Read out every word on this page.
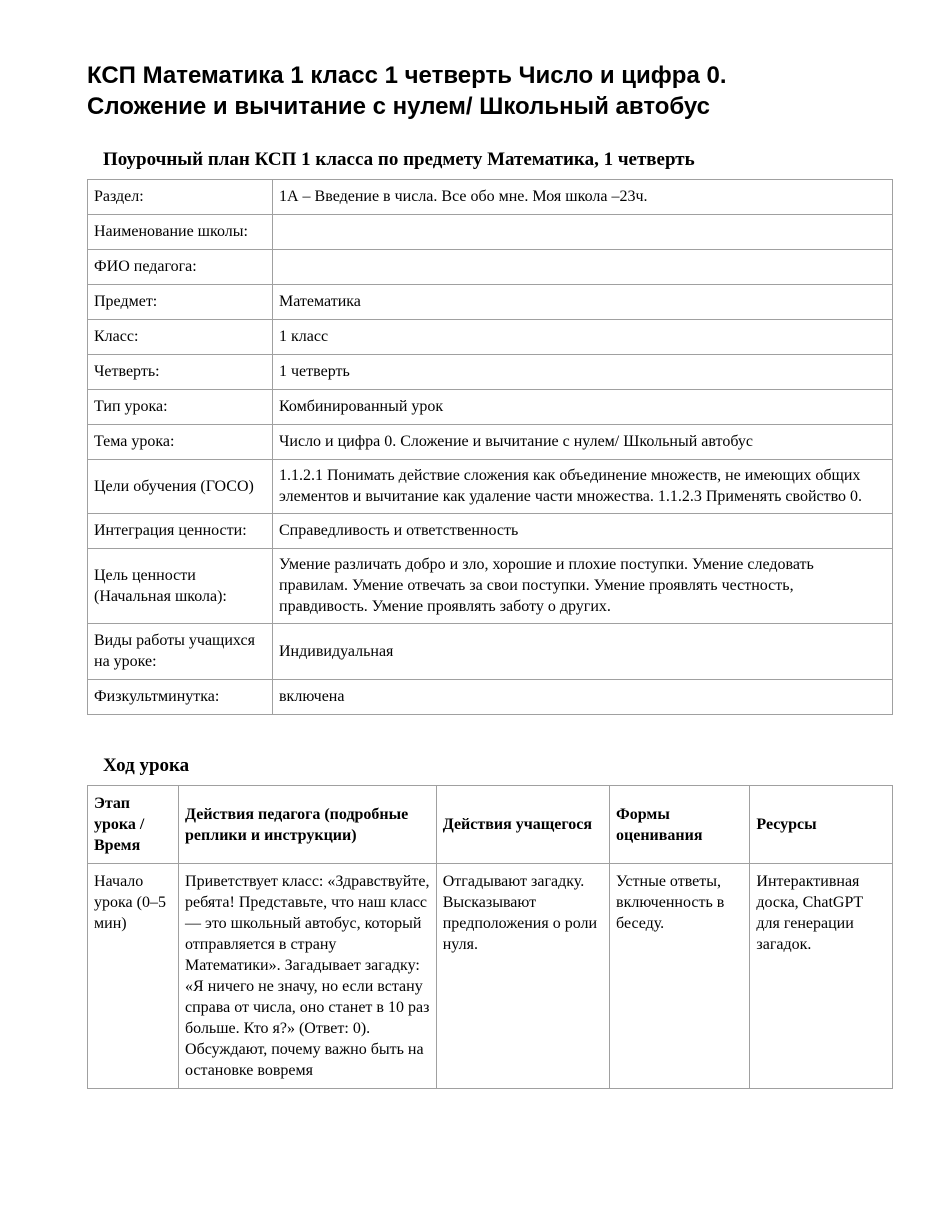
КСП Математика 1 класс 1 четверть Число и цифра 0.
Сложение и вычитание с нулем/ Школьный автобус
Поурочный план КСП 1 класса по предмету Математика, 1 четверть
Раздел:	1А – Введение в числа. Все обо мне. Моя школа –23ч.
Наименование школы:	
ФИО педагога:	
Предмет:	Математика
Класс:	1 класс
Четверть:	1 четверть
Тип урока:	Комбинированный урок
Тема урока:	Число и цифра 0. Сложение и вычитание с нулем/ Школьный автобус
Цели обучения (ГОСО)	1.1.2.1 Понимать действие сложения как объединение множеств, не имеющих общих элементов и вычитание как удаление части множества. 1.1.2.3 Применять свойство 0.
Интеграция ценности:	Справедливость и ответственность
Цель ценности (Начальная школа):	Умение различать добро и зло, хорошие и плохие поступки. Умение следовать правилам. Умение отвечать за свои поступки. Умение проявлять честность, правдивость. Умение проявлять заботу о других.
Виды работы учащихся на уроке:	Индивидуальная
Физкультминутка:	включена
Ход урока
Этап урока / Время	Действия педагога (подробные реплики и инструкции)	Действия учащегося	Формы оценивания	Ресурсы
Начало урока (0–5 мин)	Приветствует класс: «Здравствуйте, ребята! Представьте, что наш класс — это школьный автобус, который отправляется в страну Математики». Загадывает загадку: «Я ничего не значу, но если встану справа от числа, оно станет в 10 раз больше. Кто я?» (Ответ: 0). Обсуждают, почему важно быть на остановке вовремя	Отгадывают загадку. Высказывают предположения о роли нуля.	Устные ответы, включенность в беседу.	Интерактивная доска, ChatGPT для генерации загадок.
